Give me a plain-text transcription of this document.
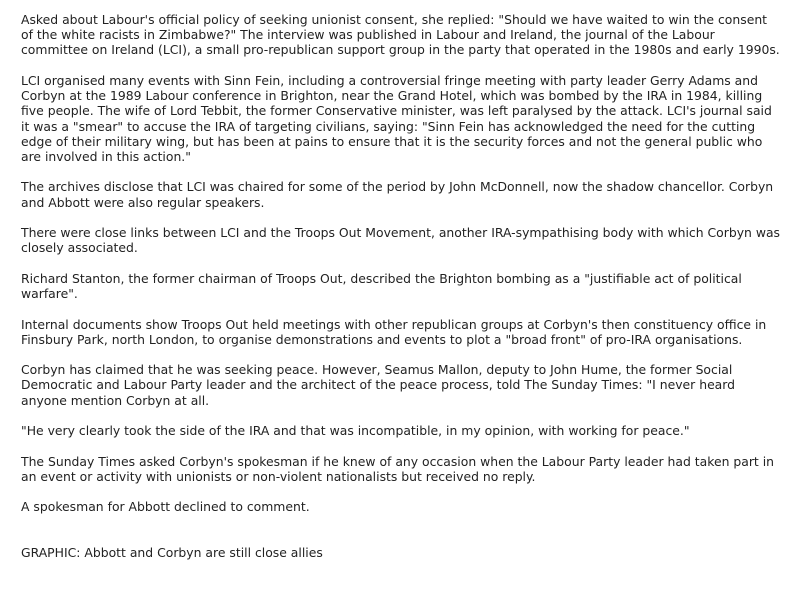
Asked about Labour's official policy of seeking unionist consent, she replied: "Should we have waited to win the consent of the white racists in Zimbabwe?" The interview was published in Labour and Ireland, the journal of the Labour committee on Ireland (LCI), a small pro-republican support group in the party that operated in the 1980s and early 1990s.

LCI organised many events with Sinn Fein, including a controversial fringe meeting with party leader Gerry Adams and Corbyn at the 1989 Labour conference in Brighton, near the Grand Hotel, which was bombed by the IRA in 1984, killing five people. The wife of Lord Tebbit, the former Conservative minister, was left paralysed by the attack. LCI's journal said it was a "smear" to accuse the IRA of targeting civilians, saying: "Sinn Fein has acknowledged the need for the cutting edge of their military wing, but has been at pains to ensure that it is the security forces and not the general public who are involved in this action."

The archives disclose that LCI was chaired for some of the period by John McDonnell, now the shadow chancellor. Corbyn and Abbott were also regular speakers.

There were close links between LCI and the Troops Out Movement, another IRA-sympathising body with which Corbyn was closely associated.

Richard Stanton, the former chairman of Troops Out, described the Brighton bombing as a "justifiable act of political warfare".

Internal documents show Troops Out held meetings with other republican groups at Corbyn's then constituency office in Finsbury Park, north London, to organise demonstrations and events to plot a "broad front" of pro-IRA organisations.

Corbyn has claimed that he was seeking peace. However, Seamus Mallon, deputy to John Hume, the former Social Democratic and Labour Party leader and the architect of the peace process, told The Sunday Times: "I never heard anyone mention Corbyn at all.

"He very clearly took the side of the IRA and that was incompatible, in my opinion, with working for peace."

The Sunday Times asked Corbyn's spokesman if he knew of any occasion when the Labour Party leader had taken part in an event or activity with unionists or non-violent nationalists but received no reply.

A spokesman for Abbott declined to comment.

GRAPHIC: Abbott and Corbyn are still close allies
